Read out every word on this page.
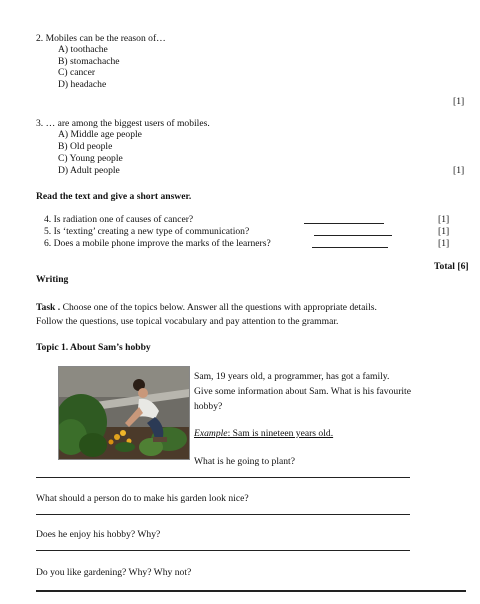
2. Mobiles can be the reason of…
A) toothache
B) stomachache
C) cancer
D) headache
[1]
3. … are among the biggest users of mobiles.
A) Middle age people
B) Old people
C) Young people
D) Adult people	[1]
Read the text and give a short answer.
4. Is radiation one of causes of cancer?	[1]
5. Is ‘texting’ creating a new type of communication?	[1]
6. Does a mobile phone improve the marks of the learners?	[1]
Total [6]
Writing
Task . Choose one of the topics below. Answer all the questions with appropriate details.
Follow the questions, use topical vocabulary and pay attention to the grammar.
Topic 1. About Sam’s hobby
Sam, 19 years old, a programmer, has got a family.
Give some information about Sam. What is his favourite
hobby?
Example: Sam is nineteen years old.
What is he going to plant?
What should a person do to make his garden look nice?
Does he enjoy his hobby? Why?
Do you like gardening? Why? Why not?
